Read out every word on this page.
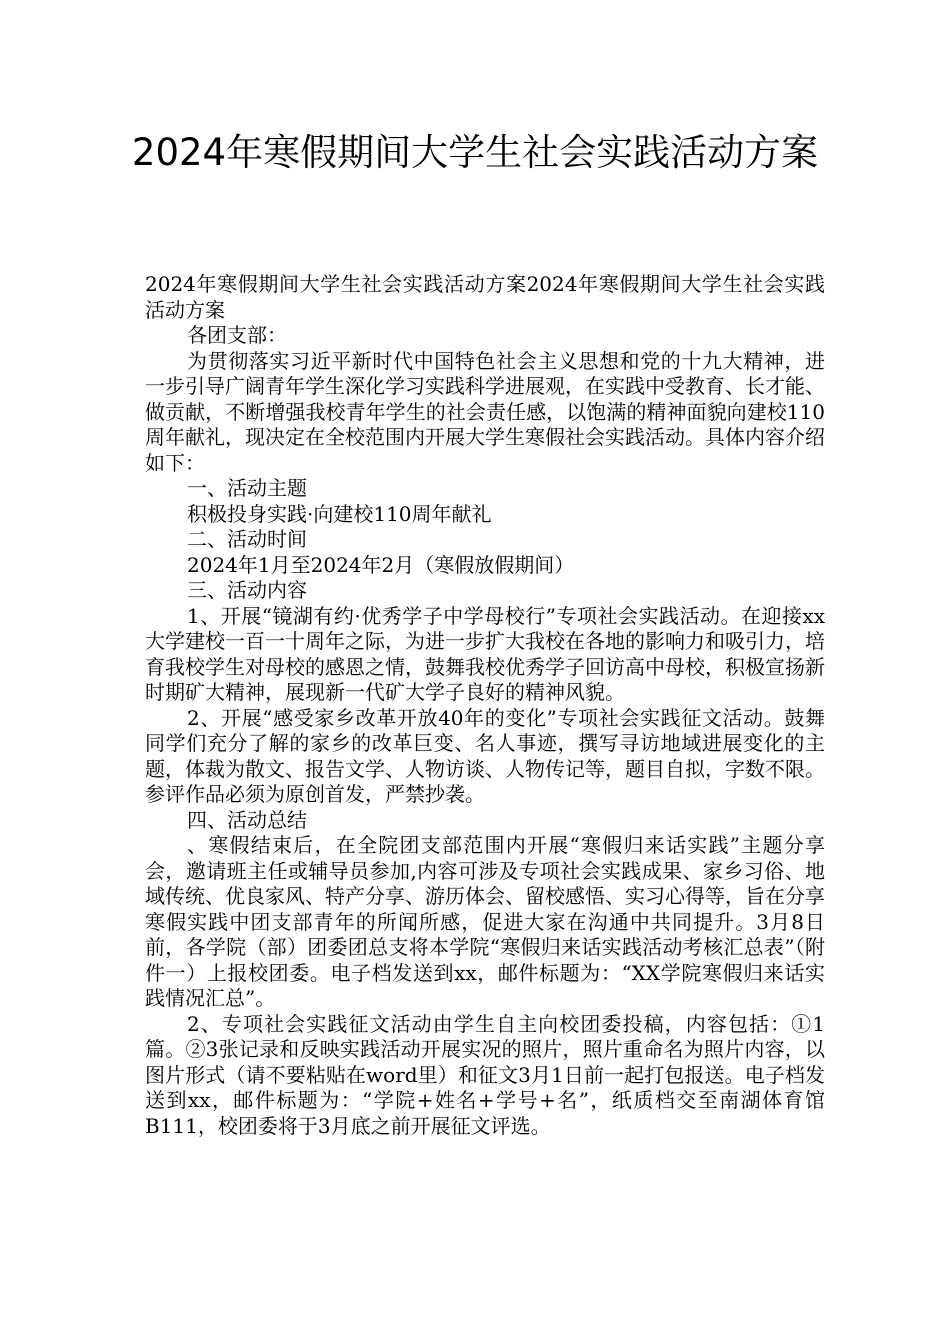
2024年寒假期间大学生社会实践活动方案

2024年寒假期间大学生社会实践活动方案2024年寒假期间大学生社会实践活动方案

各团支部：

为贯彻落实习近平新时代中国特色社会主义思想和党的十九大精神，进一步引导广阔青年学生深化学习实践科学进展观，在实践中受教育、长才能、做贡献，不断增强我校青年学生的社会责任感，以饱满的精神面貌向建校110周年献礼，现决定在全校范围内开展大学生寒假社会实践活动。具体内容介绍如下：

一、活动主题

积极投身实践·向建校110周年献礼

二、活动时间

2024年1月至2024年2月（寒假放假期间）

三、活动内容

1、开展“镜湖有约·优秀学子中学母校行”专项社会实践活动。在迎接xx大学建校一百一十周年之际，为进一步扩大我校在各地的影响力和吸引力，培育我校学生对母校的感恩之情，鼓舞我校优秀学子回访高中母校，积极宣扬新时期矿大精神，展现新一代矿大学子良好的精神风貌。

2、开展“感受家乡改革开放40年的变化”专项社会实践征文活动。鼓舞同学们充分了解的家乡的改革巨变、名人事迹，撰写寻访地域进展变化的主题，体裁为散文、报告文学、人物访谈、人物传记等，题目自拟，字数不限。参评作品必须为原创首发，严禁抄袭。

四、活动总结

、寒假结束后，在全院团支部范围内开展“寒假归来话实践”主题分享会，邀请班主任或辅导员参加,内容可涉及专项社会实践成果、家乡习俗、地域传统、优良家风、特产分享、游历体会、留校感悟、实习心得等，旨在分享寒假实践中团支部青年的所闻所感，促进大家在沟通中共同提升。3月8日前，各学院（部）团委团总支将本学院“寒假归来话实践活动考核汇总表”（附件一）上报校团委。电子档发送到xx，邮件标题为：“XX学院寒假归来话实践情况汇总”。

2、专项社会实践征文活动由学生自主向校团委投稿，内容包括：①1篇。②3张记录和反映实践活动开展实况的照片，照片重命名为照片内容，以图片形式（请不要粘贴在word里）和征文3月1日前一起打包报送。电子档发送到xx，邮件标题为：“学院+姓名+学号+名”，纸质档交至南湖体育馆B111，校团委将于3月底之前开展征文评选。
